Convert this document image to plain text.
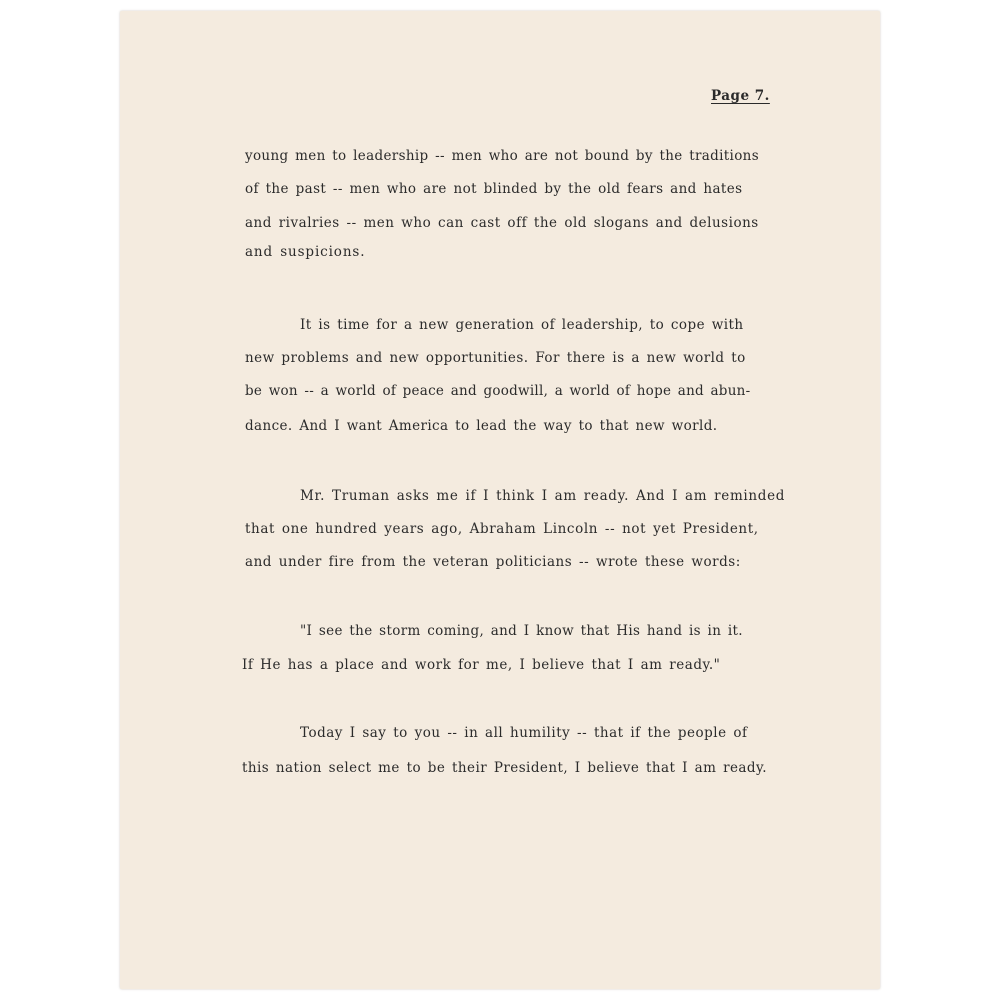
Page 7.
young men to leadership -- men who are not bound by the traditions
of the past -- men who are not blinded by the old fears and hates
and rivalries -- men who can cast off the old slogans and delusions
and suspicions.
It is time for a new generation of leadership, to cope with
new problems and new opportunities. For there is a new world to
be won -- a world of peace and goodwill, a world of hope and abun-
dance. And I want America to lead the way to that new world.
Mr. Truman asks me if I think I am ready. And I am reminded
that one hundred years ago, Abraham Lincoln -- not yet President,
and under fire from the veteran politicians -- wrote these words:
"I see the storm coming, and I know that His hand is in it.
If He has a place and work for me, I believe that I am ready."
Today I say to you -- in all humility -- that if the people of
this nation select me to be their President, I believe that I am ready.
